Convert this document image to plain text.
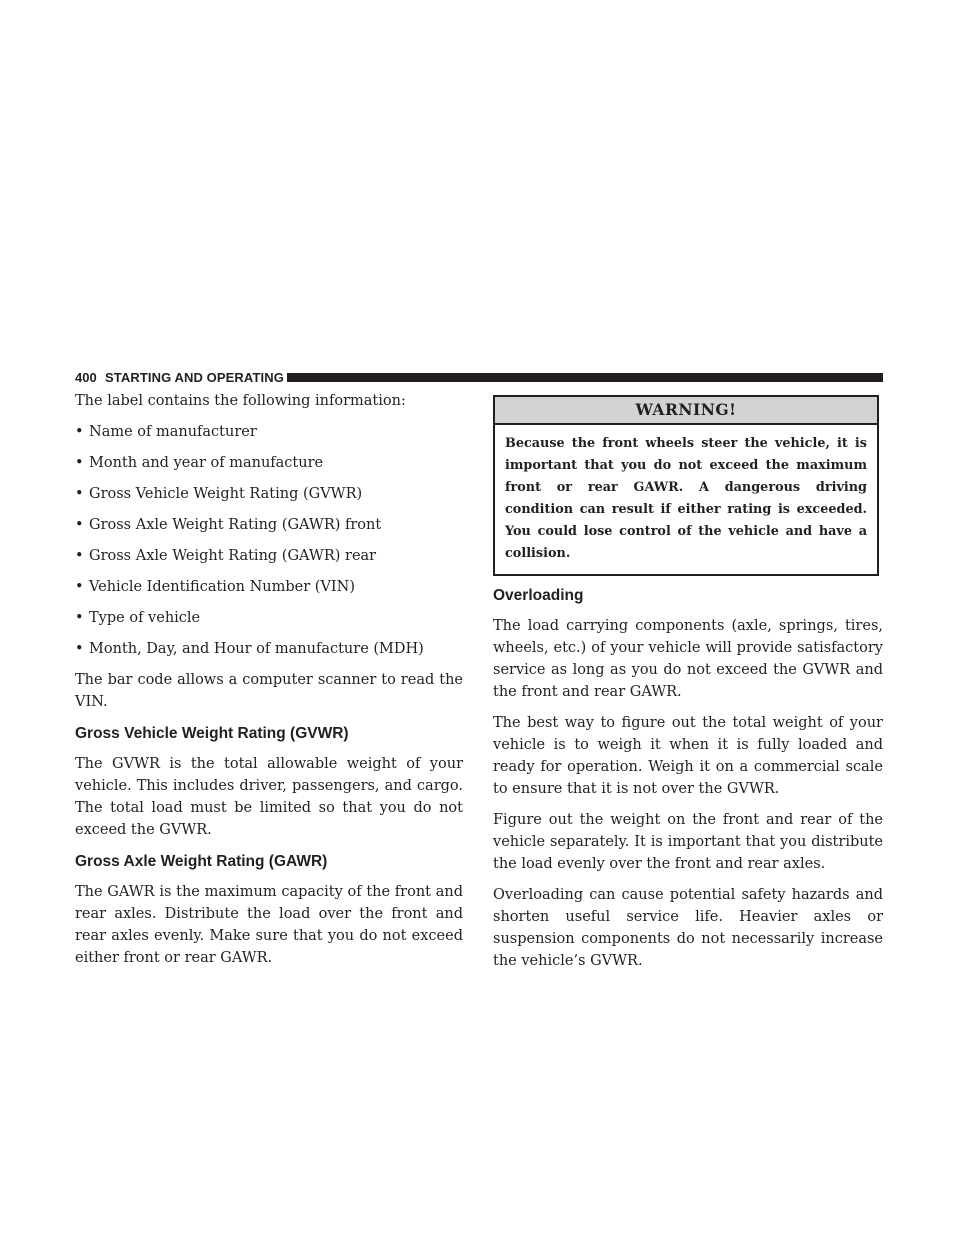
400 STARTING AND OPERATING

The label contains the following information:

• Name of manufacturer
• Month and year of manufacture
• Gross Vehicle Weight Rating (GVWR)
• Gross Axle Weight Rating (GAWR) front
• Gross Axle Weight Rating (GAWR) rear
• Vehicle Identification Number (VIN)
• Type of vehicle
• Month, Day, and Hour of manufacture (MDH)

The bar code allows a computer scanner to read the VIN.

Gross Vehicle Weight Rating (GVWR)

The GVWR is the total allowable weight of your vehicle. This includes driver, passengers, and cargo. The total load must be limited so that you do not exceed the GVWR.

Gross Axle Weight Rating (GAWR)

The GAWR is the maximum capacity of the front and rear axles. Distribute the load over the front and rear axles evenly. Make sure that you do not exceed either front or rear GAWR.

WARNING!
Because the front wheels steer the vehicle, it is important that you do not exceed the maximum front or rear GAWR. A dangerous driving condition can result if either rating is exceeded. You could lose control of the vehicle and have a collision.
Overloading

The load carrying components (axle, springs, tires, wheels, etc.) of your vehicle will provide satisfactory service as long as you do not exceed the GVWR and the front and rear GAWR.

The best way to figure out the total weight of your vehicle is to weigh it when it is fully loaded and ready for operation. Weigh it on a commercial scale to ensure that it is not over the GVWR.

Figure out the weight on the front and rear of the vehicle separately. It is important that you distribute the load evenly over the front and rear axles.

Overloading can cause potential safety hazards and shorten useful service life. Heavier axles or suspension components do not necessarily increase the vehicle’s GVWR.
